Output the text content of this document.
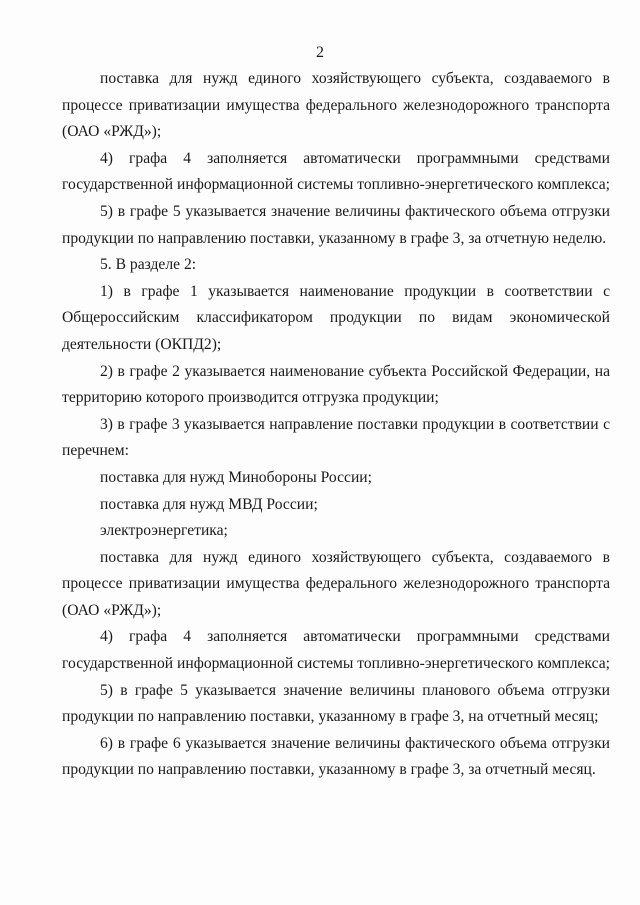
2

поставка для нужд единого хозяйствующего субъекта, создаваемого в процессе приватизации имущества федерального железнодорожного транспорта (ОАО «РЖД»);

4) графа 4 заполняется автоматически программными средствами государственной информационной системы топливно-энергетического комплекса;

5) в графе 5 указывается значение величины фактического объема отгрузки продукции по направлению поставки, указанному в графе 3, за отчетную неделю.

5. В разделе 2:

1) в графе 1 указывается наименование продукции в соответствии с Общероссийским классификатором продукции по видам экономической деятельности (ОКПД2);

2) в графе 2 указывается наименование субъекта Российской Федерации, на территорию которого производится отгрузка продукции;

3) в графе 3 указывается направление поставки продукции в соответствии с перечнем:

поставка для нужд Минобороны России;

поставка для нужд МВД России;

электроэнергетика;

поставка для нужд единого хозяйствующего субъекта, создаваемого в процессе приватизации имущества федерального железнодорожного транспорта (ОАО «РЖД»);

4) графа 4 заполняется автоматически программными средствами государственной информационной системы топливно-энергетического комплекса;

5) в графе 5 указывается значение величины планового объема отгрузки продукции по направлению поставки, указанному в графе 3, на отчетный месяц;

6) в графе 6 указывается значение величины фактического объема отгрузки продукции по направлению поставки, указанному в графе 3, за отчетный месяц.
